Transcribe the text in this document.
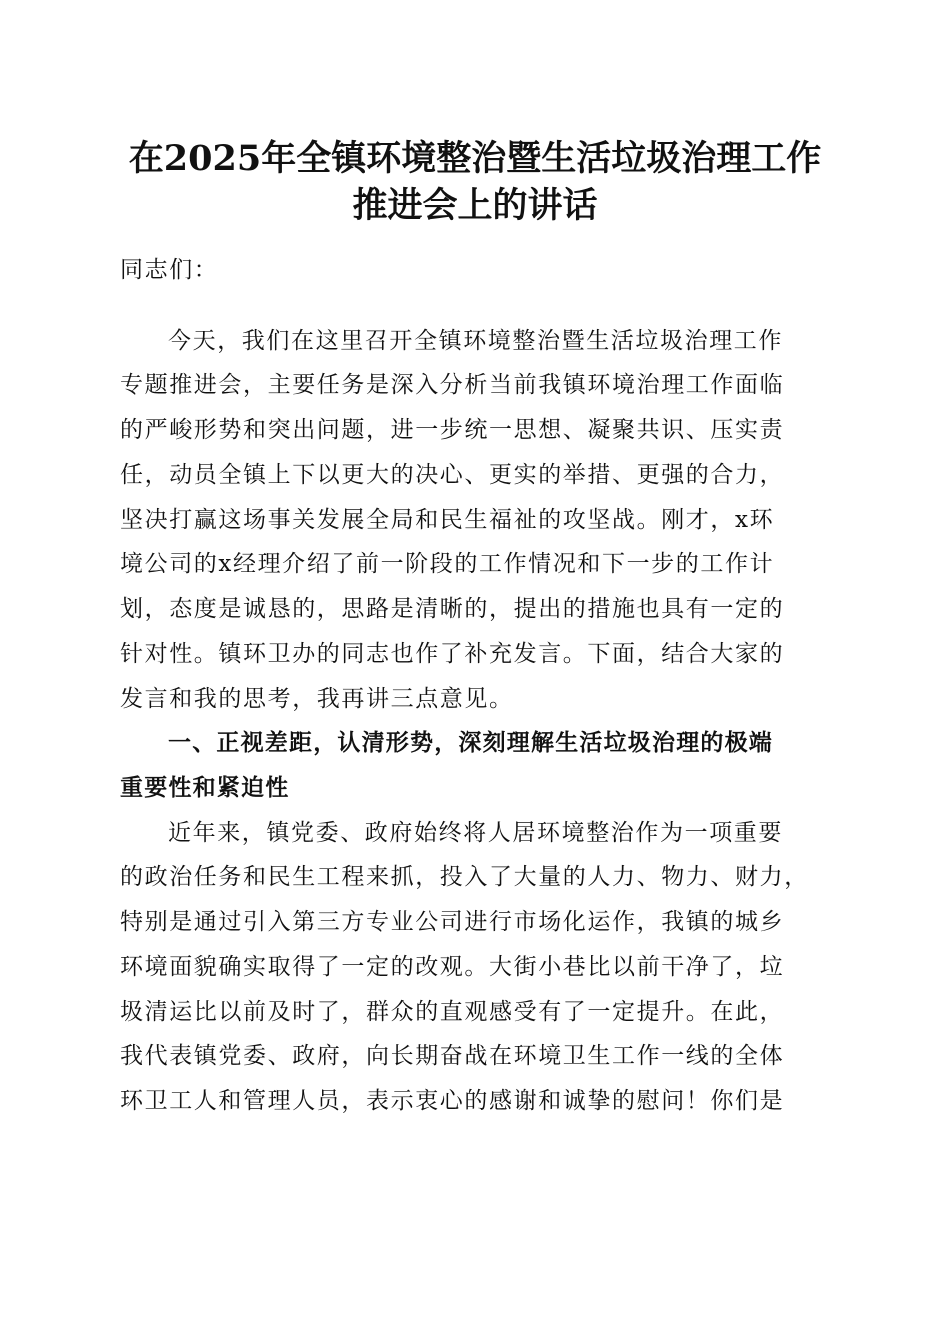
在2025年全镇环境整治暨生活垃圾治理工作
推进会上的讲话

同志们：

今天，我们在这里召开全镇环境整治暨生活垃圾治理工作

专题推进会，主要任务是深入分析当前我镇环境治理工作面临

的严峻形势和突出问题，进一步统一思想、凝聚共识、压实责

任，动员全镇上下以更大的决心、更实的举措、更强的合力，

坚决打赢这场事关发展全局和民生福祉的攻坚战。刚才，x环

境公司的x经理介绍了前一阶段的工作情况和下一步的工作计

划，态度是诚恳的，思路是清晰的，提出的措施也具有一定的

针对性。镇环卫办的同志也作了补充发言。下面，结合大家的

发言和我的思考，我再讲三点意见。

一、正视差距，认清形势，深刻理解生活垃圾治理的极端

重要性和紧迫性

近年来，镇党委、政府始终将人居环境整治作为一项重要

的政治任务和民生工程来抓，投入了大量的人力、物力、财力，

特别是通过引入第三方专业公司进行市场化运作，我镇的城乡

环境面貌确实取得了一定的改观。大街小巷比以前干净了，垃

圾清运比以前及时了，群众的直观感受有了一定提升。在此，

我代表镇党委、政府，向长期奋战在环境卫生工作一线的全体

环卫工人和管理人员，表示衷心的感谢和诚挚的慰问！你们是
